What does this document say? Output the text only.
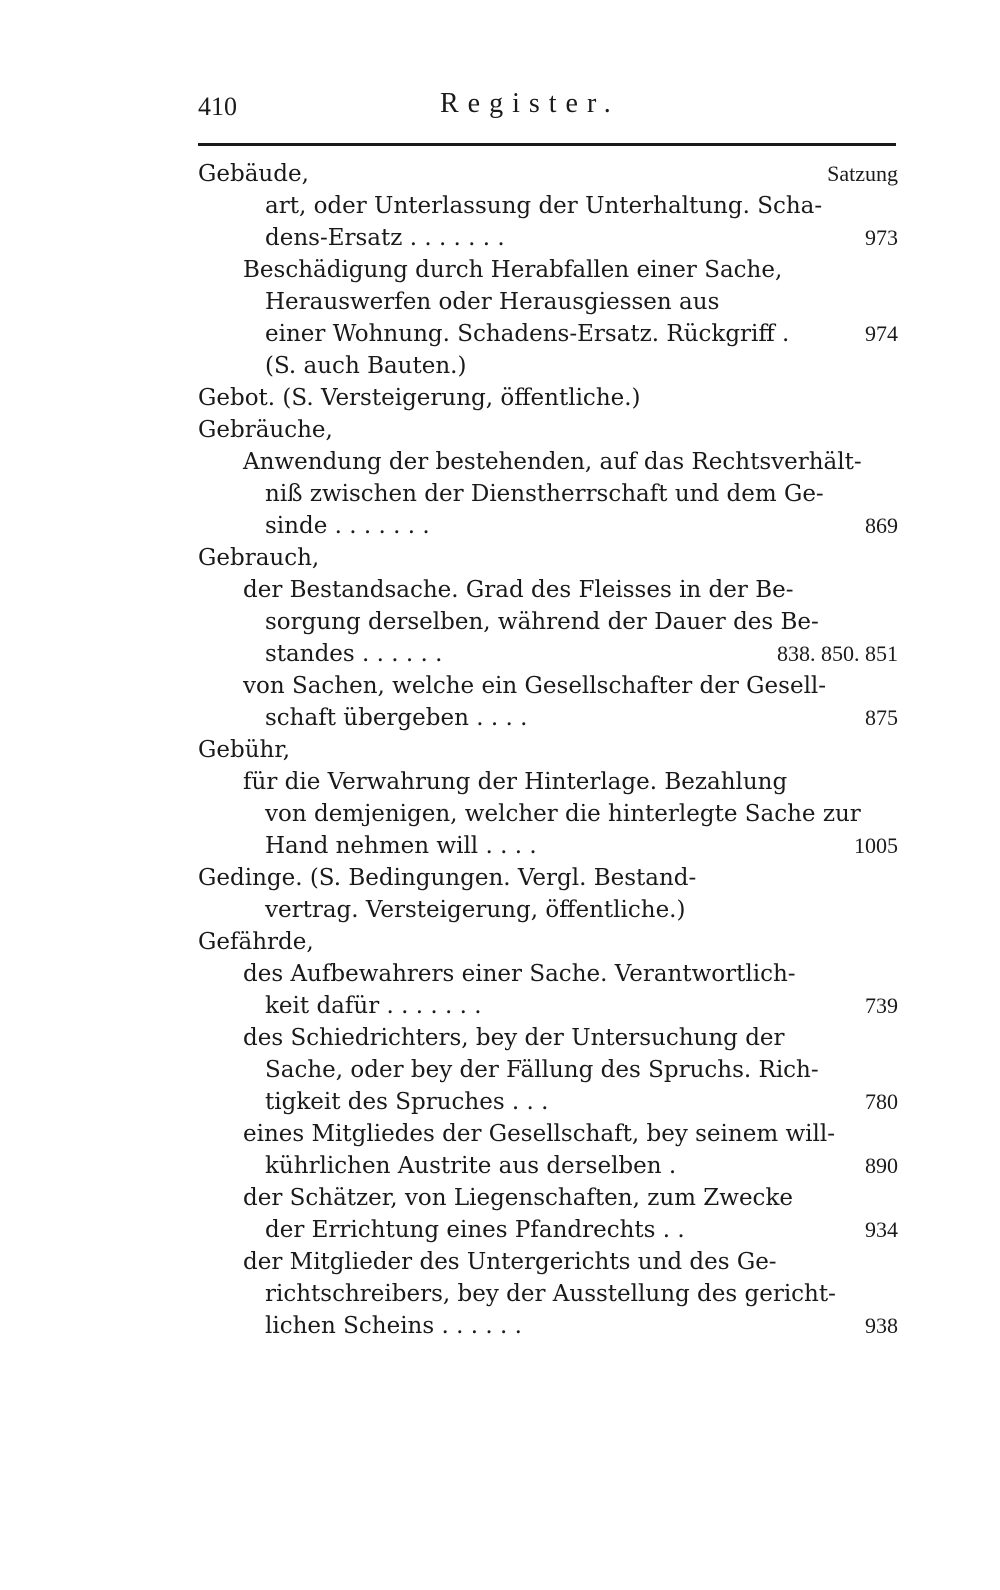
410	Register.
Gebäude,	Satzung
art, oder Unterlassung der Unterhaltung. Scha-
dens-Ersatz . . . . . . .	973
Beschädigung durch Herabfallen einer Sache,
Herauswerfen oder Herausgiessen aus
einer Wohnung. Schadens-Ersatz. Rückgriff .	974
(S. auch Bauten.)
Gebot. (S. Versteigerung, öffentliche.)
Gebräuche,
Anwendung der bestehenden, auf das Rechtsverhält-
niß zwischen der Dienstherrschaft und dem Ge-
sinde . . . . . . .	869
Gebrauch,
der Bestandsache. Grad des Fleisses in der Be-
sorgung derselben, während der Dauer des Be-
standes . . . . . .	838. 850. 851
von Sachen, welche ein Gesellschafter der Gesell-
schaft übergeben . . . .	875
Gebühr,
für die Verwahrung der Hinterlage. Bezahlung
von demjenigen, welcher die hinterlegte Sache zur
Hand nehmen will . . . .	1005
Gedinge. (S. Bedingungen. Vergl. Bestand-
vertrag. Versteigerung, öffentliche.)
Gefährde,
des Aufbewahrers einer Sache. Verantwortlich-
keit dafür . . . . . . .	739
des Schiedrichters, bey der Untersuchung der
Sache, oder bey der Fällung des Spruchs. Rich-
tigkeit des Spruches . . .	780
eines Mitgliedes der Gesellschaft, bey seinem will-
kührlichen Austrite aus derselben .	890
der Schätzer, von Liegenschaften, zum Zwecke
der Errichtung eines Pfandrechts . .	934
der Mitglieder des Untergerichts und des Ge-
richtschreibers, bey der Ausstellung des gericht-
lichen Scheins . . . . . .	938
